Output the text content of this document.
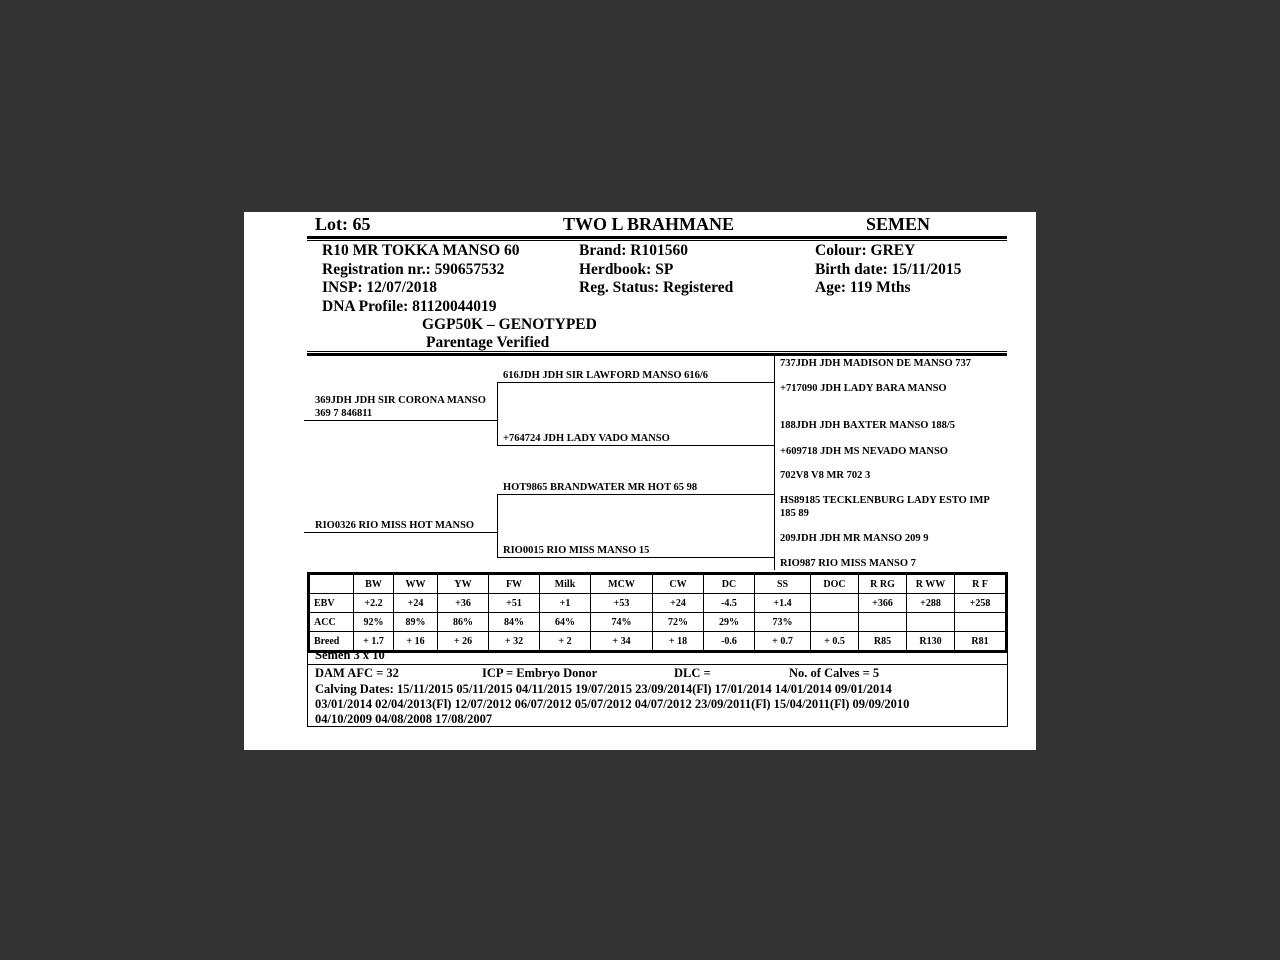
Lot: 65	TWO L BRAHMANE	SEMEN
R10 MR TOKKA MANSO 60
Registration nr.: 590657532
INSP: 12/07/2018
DNA Profile: 81120044019
GGP50K – GENOTYPED
Parentage Verified
Brand: R101560
Herdbook: SP
Reg. Status: Registered
Colour: GREY
Birth date: 15/11/2015
Age: 119 Mths
369JDH JDH SIR CORONA MANSO
369 7 846811
RIO0326 RIO MISS HOT MANSO
616JDH JDH SIR LAWFORD MANSO 616/6
+764724 JDH LADY VADO MANSO
HOT9865 BRANDWATER MR HOT 65 98
RIO0015 RIO MISS MANSO 15
737JDH JDH MADISON DE MANSO 737
+717090 JDH LADY BARA MANSO
188JDH JDH BAXTER MANSO 188/5
+609718 JDH MS NEVADO MANSO
702V8 V8 MR 702 3
HS89185 TECKLENBURG LADY ESTO IMP
185 89
209JDH JDH MR MANSO 209 9
RIO987 RIO MISS MANSO 7
	BW	WW	YW	FW	Milk	MCW	CW	DC	SS	DOC	R RG	R WW	R F
EBV	+2.2	+24	+36	+51	+1	+53	+24	-4.5	+1.4		+366	+288	+258
ACC	92%	89%	86%	84%	64%	74%	72%	29%	73%				
Breed	+ 1.7	+ 16	+ 26	+ 32	+ 2	+ 34	+ 18	-0.6	+ 0.7	+ 0.5	R85	R130	R81
Semen 3 x 10
DAM AFC = 32	ICP = Embryo Donor	DLC =	No. of Calves = 5
Calving Dates: 15/11/2015 05/11/2015 04/11/2015 19/07/2015 23/09/2014(Fl) 17/01/2014 14/01/2014 09/01/2014
03/01/2014 02/04/2013(Fl) 12/07/2012 06/07/2012 05/07/2012 04/07/2012 23/09/2011(Fl) 15/04/2011(Fl) 09/09/2010
04/10/2009 04/08/2008 17/08/2007
